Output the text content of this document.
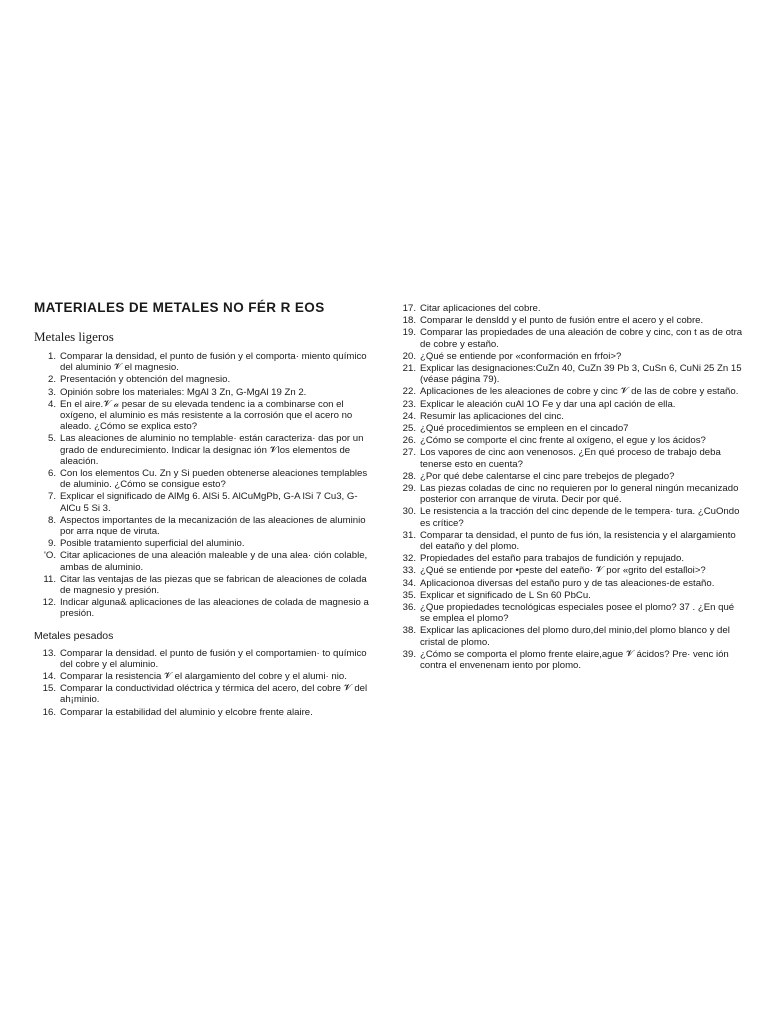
MATERIALES DE METALES NO FÉR R EOS
Metales ligeros
1. Comparar la densidad, el punto de fusión y el comporta· miento químico del aluminio 𝓥 el magnesio.
2. Presentación y obtención del magnesio.
3. Opinión sobre los materiales: MgAl 3 Zn, G-MgAl 19 Zn 2.
4. En el aire.𝓥 𝒶 pesar de su elevada tendenc ia a combinarse con el oxígeno, el aluminio es más resistente a la corrosión que el acero no aleado. ¿Cómo se explica esto?
5. Las aleaciones de aluminio no templable· están caracteriza· das por un grado de endurecimiento. Indicar la designac ión 𝓥los elementos de aleación.
6. Con los elementos Cu. Zn y Si pueden obtenerse aleaciones templables de aluminio. ¿Cómo se consigue esto?
7. Explicar el significado de AlMg 6. AlSi 5. AlCuMgPb, G-A lSi 7 Cu3, G-AlCu 5 Si 3.
8. Aspectos importantes de la mecanización de las aleaciones de aluminio por arra nque de viruta.
9. Posible tratamiento superficial del aluminio.
'O. Citar aplicaciones de una aleación maleable y de una alea· ción colable, ambas de aluminio.
11. Citar las ventajas de las piezas que se fabrican de aleaciones de colada de magnesio y presión.
12. Indicar alguna& aplicaciones de las aleaciones de colada de magnesio a presión.
Metales pesados
13. Comparar la densidad. el punto de fusión y el comportamien· to químico del cobre y el aluminio.
14. Comparar la resistencia 𝓥 el alargamiento del cobre y el alumi· nio.
15. Comparar la conductividad oléctrica y térmica del acero, del cobre 𝓥 del ah¡minio.
16. Comparar la estabilidad del aluminio y elcobre frente alaire.
17. Citar aplicaciones del cobre.
18. Comparar le densldd y el punto de fusión entre el acero y el cobre.
19. Comparar las propiedades de una aleación de cobre y cinc, con t as de otra de cobre y estaño.
20. ¿Qué se entiende por «conformación en frfoi>?
21. Explicar las designaciones:CuZn 40, CuZn 39 Pb 3, CuSn 6, CuNi 25 Zn 15 (véase página 79).
22. Aplicaciones de les aleaciones de cobre y cinc 𝓥 de las de cobre y estaño.
23. Explicar le aleación cuAl 1O Fe y dar una apl cación de ella.
24. Resumir las aplicaciones del cinc.
25. ¿Qué procedimientos se empleen en el cincado7
26. ¿Cómo se comporte el cinc frente al oxígeno, el egue y los ácidos?
27. Los vapores de cinc aon venenosos. ¿En qué proceso de trabajo deba tenerse esto en cuenta?
28. ¿Por qué debe calentarse el cinc pare trebejos de plegado?
29. Las piezas coladas de cinc no requieren por lo general ningún mecanizado posterior con arranque de viruta. Decir por qué.
30. Le resistencia a la tracción del cinc depende de le tempera· tura. ¿CuOndo es crítice?
31. Comparar ta densidad, el punto de fus ión, la resistencia y el alargamiento del eataño y del plomo.
32. Propiedades del estaño para trabajos de fundición y repujado.
33. ¿Qué se entiende por •peste del eateño· 𝓥 por «grito del estaſloi>?
34. Aplicacionoa diversas del estaño puro y de tas aleaciones-de estaño.
35. Explicar et significado de L Sn 60 PbCu.
36. ¿Que propiedades tecnológicas especiales posee el plomo? 37 . ¿En qué se emplea el plomo?
38. Explicar las aplicaciones del plomo duro,del minio,del plomo blanco y del cristal de plomo.
39. ¿Cómo se comporta el plomo frente elaire,ague 𝓥 ácidos? Pre· venc ión contra el envenenam iento por plomo.
